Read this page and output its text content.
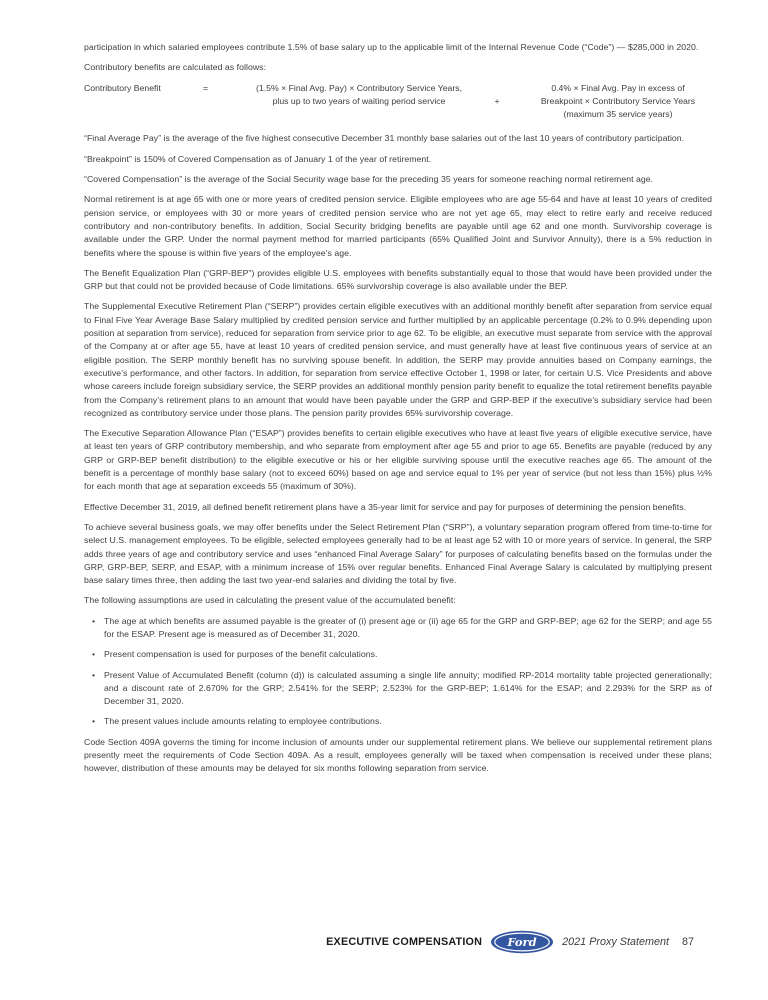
participation in which salaried employees contribute 1.5% of base salary up to the applicable limit of the Internal Revenue Code (“Code”) — $285,000 in 2020.

Contributory benefits are calculated as follows:

Contributory Benefit	=	(1.5% × Final Avg. Pay) × Contributory Service Years,
plus up to two years of waiting period service	+
0.4% × Final Avg. Pay in excess of
Breakpoint × Contributory Service Years
(maximum 35 service years)

“Final Average Pay” is the average of the five highest consecutive December 31 monthly base salaries out of the last 10 years of contributory participation.

“Breakpoint” is 150% of Covered Compensation as of January 1 of the year of retirement.

“Covered Compensation” is the average of the Social Security wage base for the preceding 35 years for someone reaching normal retirement age.

Normal retirement is at age 65 with one or more years of credited pension service. Eligible employees who are age 55-64 and have at least 10 years of credited pension service, or employees with 30 or more years of credited pension service who are not yet age 65, may elect to retire early and receive reduced contributory and non-contributory benefits. In addition, Social Security bridging benefits are payable until age 62 and one month. Survivorship coverage is available under the GRP. Under the normal payment method for married participants (65% Qualified Joint and Survivor Annuity), there is a 5% reduction in benefits where the spouse is within five years of the employee’s age.

The Benefit Equalization Plan (“GRP-BEP”) provides eligible U.S. employees with benefits substantially equal to those that would have been provided under the GRP but that could not be provided because of Code limitations. 65% survivorship coverage is also available under the BEP.

The Supplemental Executive Retirement Plan (“SERP”) provides certain eligible executives with an additional monthly benefit after separation from service equal to Final Five Year Average Base Salary multiplied by credited pension service and further multiplied by an applicable percentage (0.2% to 0.9% depending upon position at separation from service), reduced for separation from service prior to age 62. To be eligible, an executive must separate from service with the approval of the Company at or after age 55, have at least 10 years of credited pension service, and must generally have at least five continuous years of service at an eligible position. The SERP monthly benefit has no surviving spouse benefit. In addition, the SERP may provide annuities based on Company earnings, the executive’s performance, and other factors. In addition, for separation from service effective October 1, 1998 or later, for certain U.S. Vice Presidents and above whose careers include foreign subsidiary service, the SERP provides an additional monthly pension parity benefit to equalize the total retirement benefits payable from the Company’s retirement plans to an amount that would have been payable under the GRP and GRP-BEP if the executive’s subsidiary service had been recognized as contributory service under those plans. The pension parity provides 65% survivorship coverage.

The Executive Separation Allowance Plan (“ESAP”) provides benefits to certain eligible executives who have at least five years of eligible executive service, have at least ten years of GRP contributory membership, and who separate from employment after age 55 and prior to age 65. Benefits are payable (reduced by any GRP or GRP-BEP benefit distribution) to the eligible executive or his or her eligible surviving spouse until the executive reaches age 65. The amount of the benefit is a percentage of monthly base salary (not to exceed 60%) based on age and service equal to 1% per year of service (but not less than 15%) plus ½% for each month that age at separation exceeds 55 (maximum of 30%).

Effective December 31, 2019, all defined benefit retirement plans have a 35-year limit for service and pay for purposes of determining the pension benefits.

To achieve several business goals, we may offer benefits under the Select Retirement Plan (“SRP”), a voluntary separation program offered from time-to-time for select U.S. management employees. To be eligible, selected employees generally had to be at least age 52 with 10 or more years of service. In general, the SRP adds three years of age and contributory service and uses “enhanced Final Average Salary” for purposes of calculating benefits based on the formulas under the GRP, GRP-BEP, SERP, and ESAP, with a minimum increase of 15% over regular benefits. Enhanced Final Average Salary is calculated by multiplying present base salary times three, then adding the last two year-end salaries and dividing the total by five.

The following assumptions are used in calculating the present value of the accumulated benefit:

• The age at which benefits are assumed payable is the greater of (i) present age or (ii) age 65 for the GRP and GRP-BEP; age 62 for the SERP; and age 55 for the ESAP. Present age is measured as of December 31, 2020.
• Present compensation is used for purposes of the benefit calculations.
• Present Value of Accumulated Benefit (column (d)) is calculated assuming a single life annuity; modified RP-2014 mortality table projected generationally; and a discount rate of 2.670% for the GRP; 2.541% for the SERP; 2.523% for the GRP-BEP; 1.614% for the ESAP; and 2.293% for the SRP as of December 31, 2020.
• The present values include amounts relating to employee contributions.

Code Section 409A governs the timing for income inclusion of amounts under our supplemental retirement plans. We believe our supplemental retirement plans presently meet the requirements of Code Section 409A. As a result, employees generally will be taxed when compensation is received under these plans; however, distribution of these amounts may be delayed for six months following separation from service.

EXECUTIVE COMPENSATION Ford 2021 Proxy Statement 87
